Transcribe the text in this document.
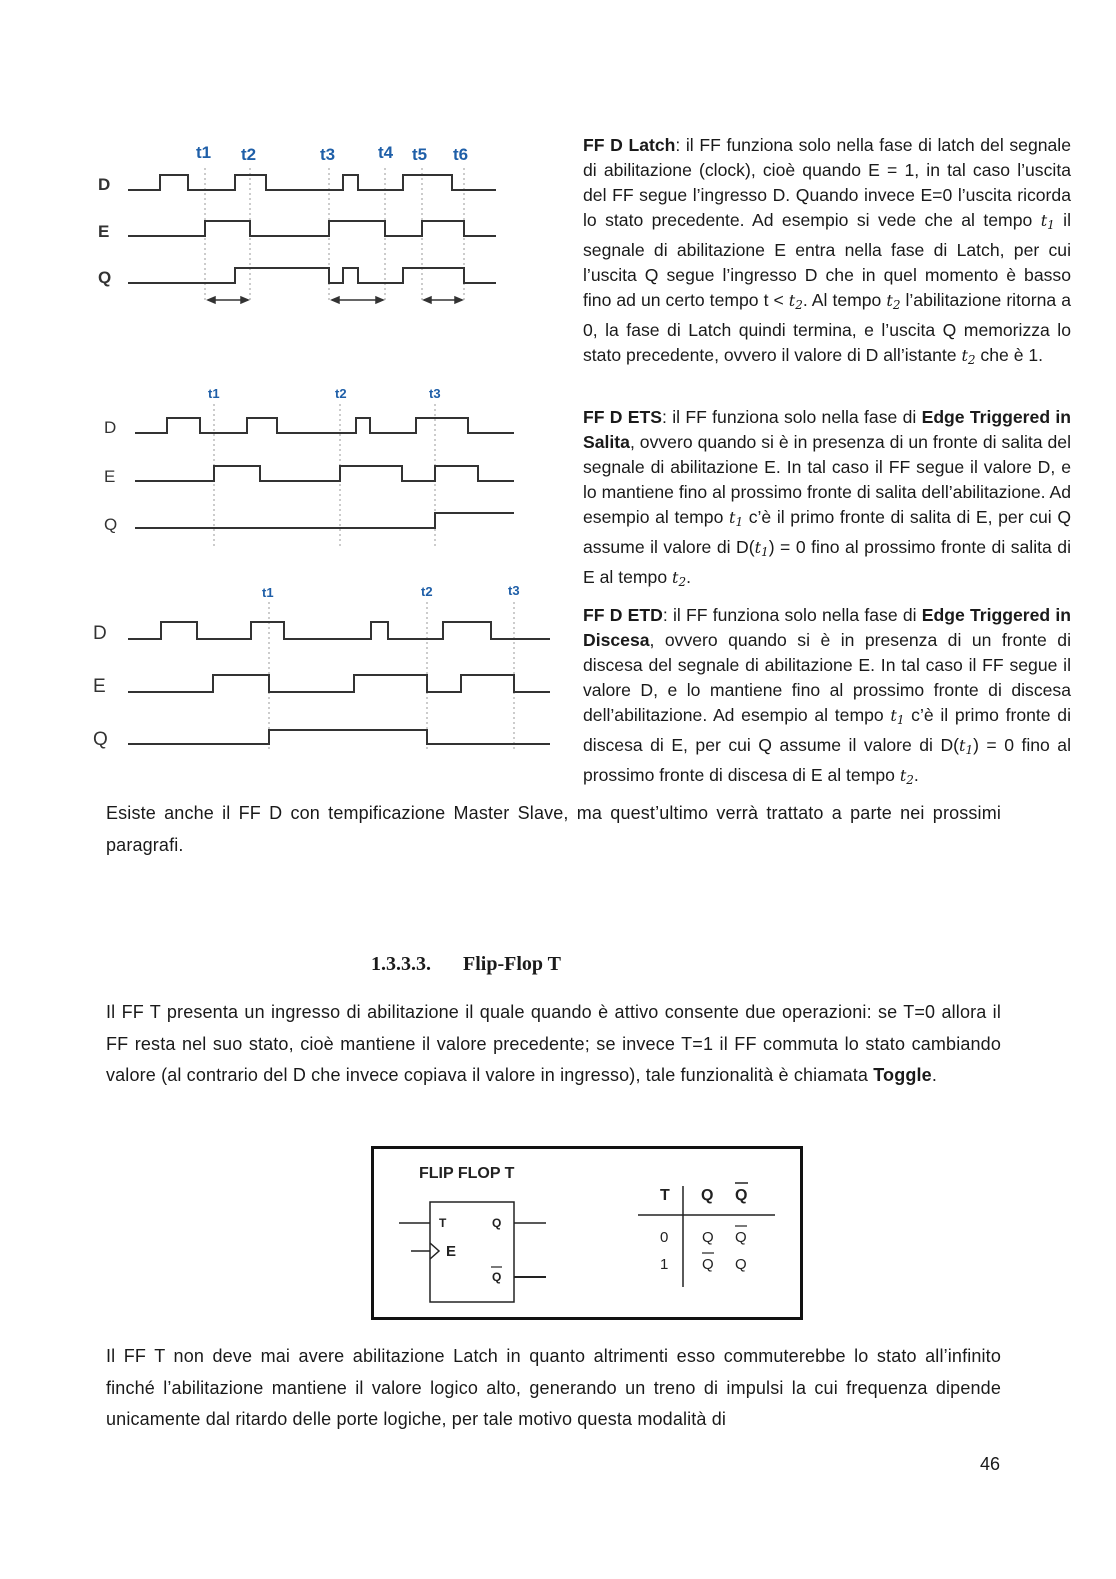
t1 t2	t3	t4 t5 t6
D
E
Q
t1	t2	t3
D
E
Q
t1	t2	t3
D
E
Q
FF D Latch: il FF funziona solo nella fase di latch del segnale di abilitazione (clock), cioè quando E = 1, in tal caso l’uscita del FF segue l’ingresso D. Quando invece E=0 l’uscita ricorda lo stato precedente. Ad esempio si vede che al tempo $t_1$ il segnale di abilitazione E entra nella fase di Latch, per cui l’uscita Q segue l’ingresso D che in quel momento è basso fino ad un certo tempo $t < t_2$. Al tempo $t_2$ l’abilitazione ritorna a 0, la fase di Latch quindi termina, e l’uscita Q memorizza lo stato precedente, ovvero il valore di D all’istante $t_2$ che è 1.
FF D ETS: il FF funziona solo nella fase di Edge Triggered in Salita, ovvero quando si è in presenza di un fronte di salita del segnale di abilitazione E. In tal caso il FF segue il valore D, e lo mantiene fino al prossimo fronte di salita dell’abilitazione. Ad esempio al tempo $t_1$ c’è il primo fronte di salita di E, per cui Q assume il valore di $D(t_1) = 0$ fino al prossimo fronte di salita di E al tempo $t_2$.
FF D ETD: il FF funziona solo nella fase di Edge Triggered in Discesa, ovvero quando si è in presenza di un fronte di discesa del segnale di abilitazione E. In tal caso il FF segue il valore D, e lo mantiene fino al prossimo fronte di discesa dell’abilitazione. Ad esempio al tempo $t_1$ c’è il primo fronte di discesa di E, per cui Q assume il valore di $D(t_1) = 0$ fino al prossimo fronte di discesa di E al tempo $t_2$.
Esiste anche il FF D con tempificazione Master Slave, ma quest’ultimo verrà trattato a parte nei prossimi paragrafi.
1.3.3.3. Flip-Flop T
Il FF T presenta un ingresso di abilitazione il quale quando è attivo consente due operazioni: se T=0 allora il FF resta nel suo stato, cioè mantiene il valore precedente; se invece T=1 il FF commuta lo stato cambiando valore (al contrario del D che invece copiava il valore in ingresso), tale funzionalità è chiamata Toggle.
FLIP FLOP T
T
E
Q
Q
T Q Q
0 Q Q
1 Q Q
Il FF T non deve mai avere abilitazione Latch in quanto altrimenti esso commuterebbe lo stato all’infinito finché l’abilitazione mantiene il valore logico alto, generando un treno di impulsi la cui frequenza dipende unicamente dal ritardo delle porte logiche, per tale motivo questa modalità di
46
